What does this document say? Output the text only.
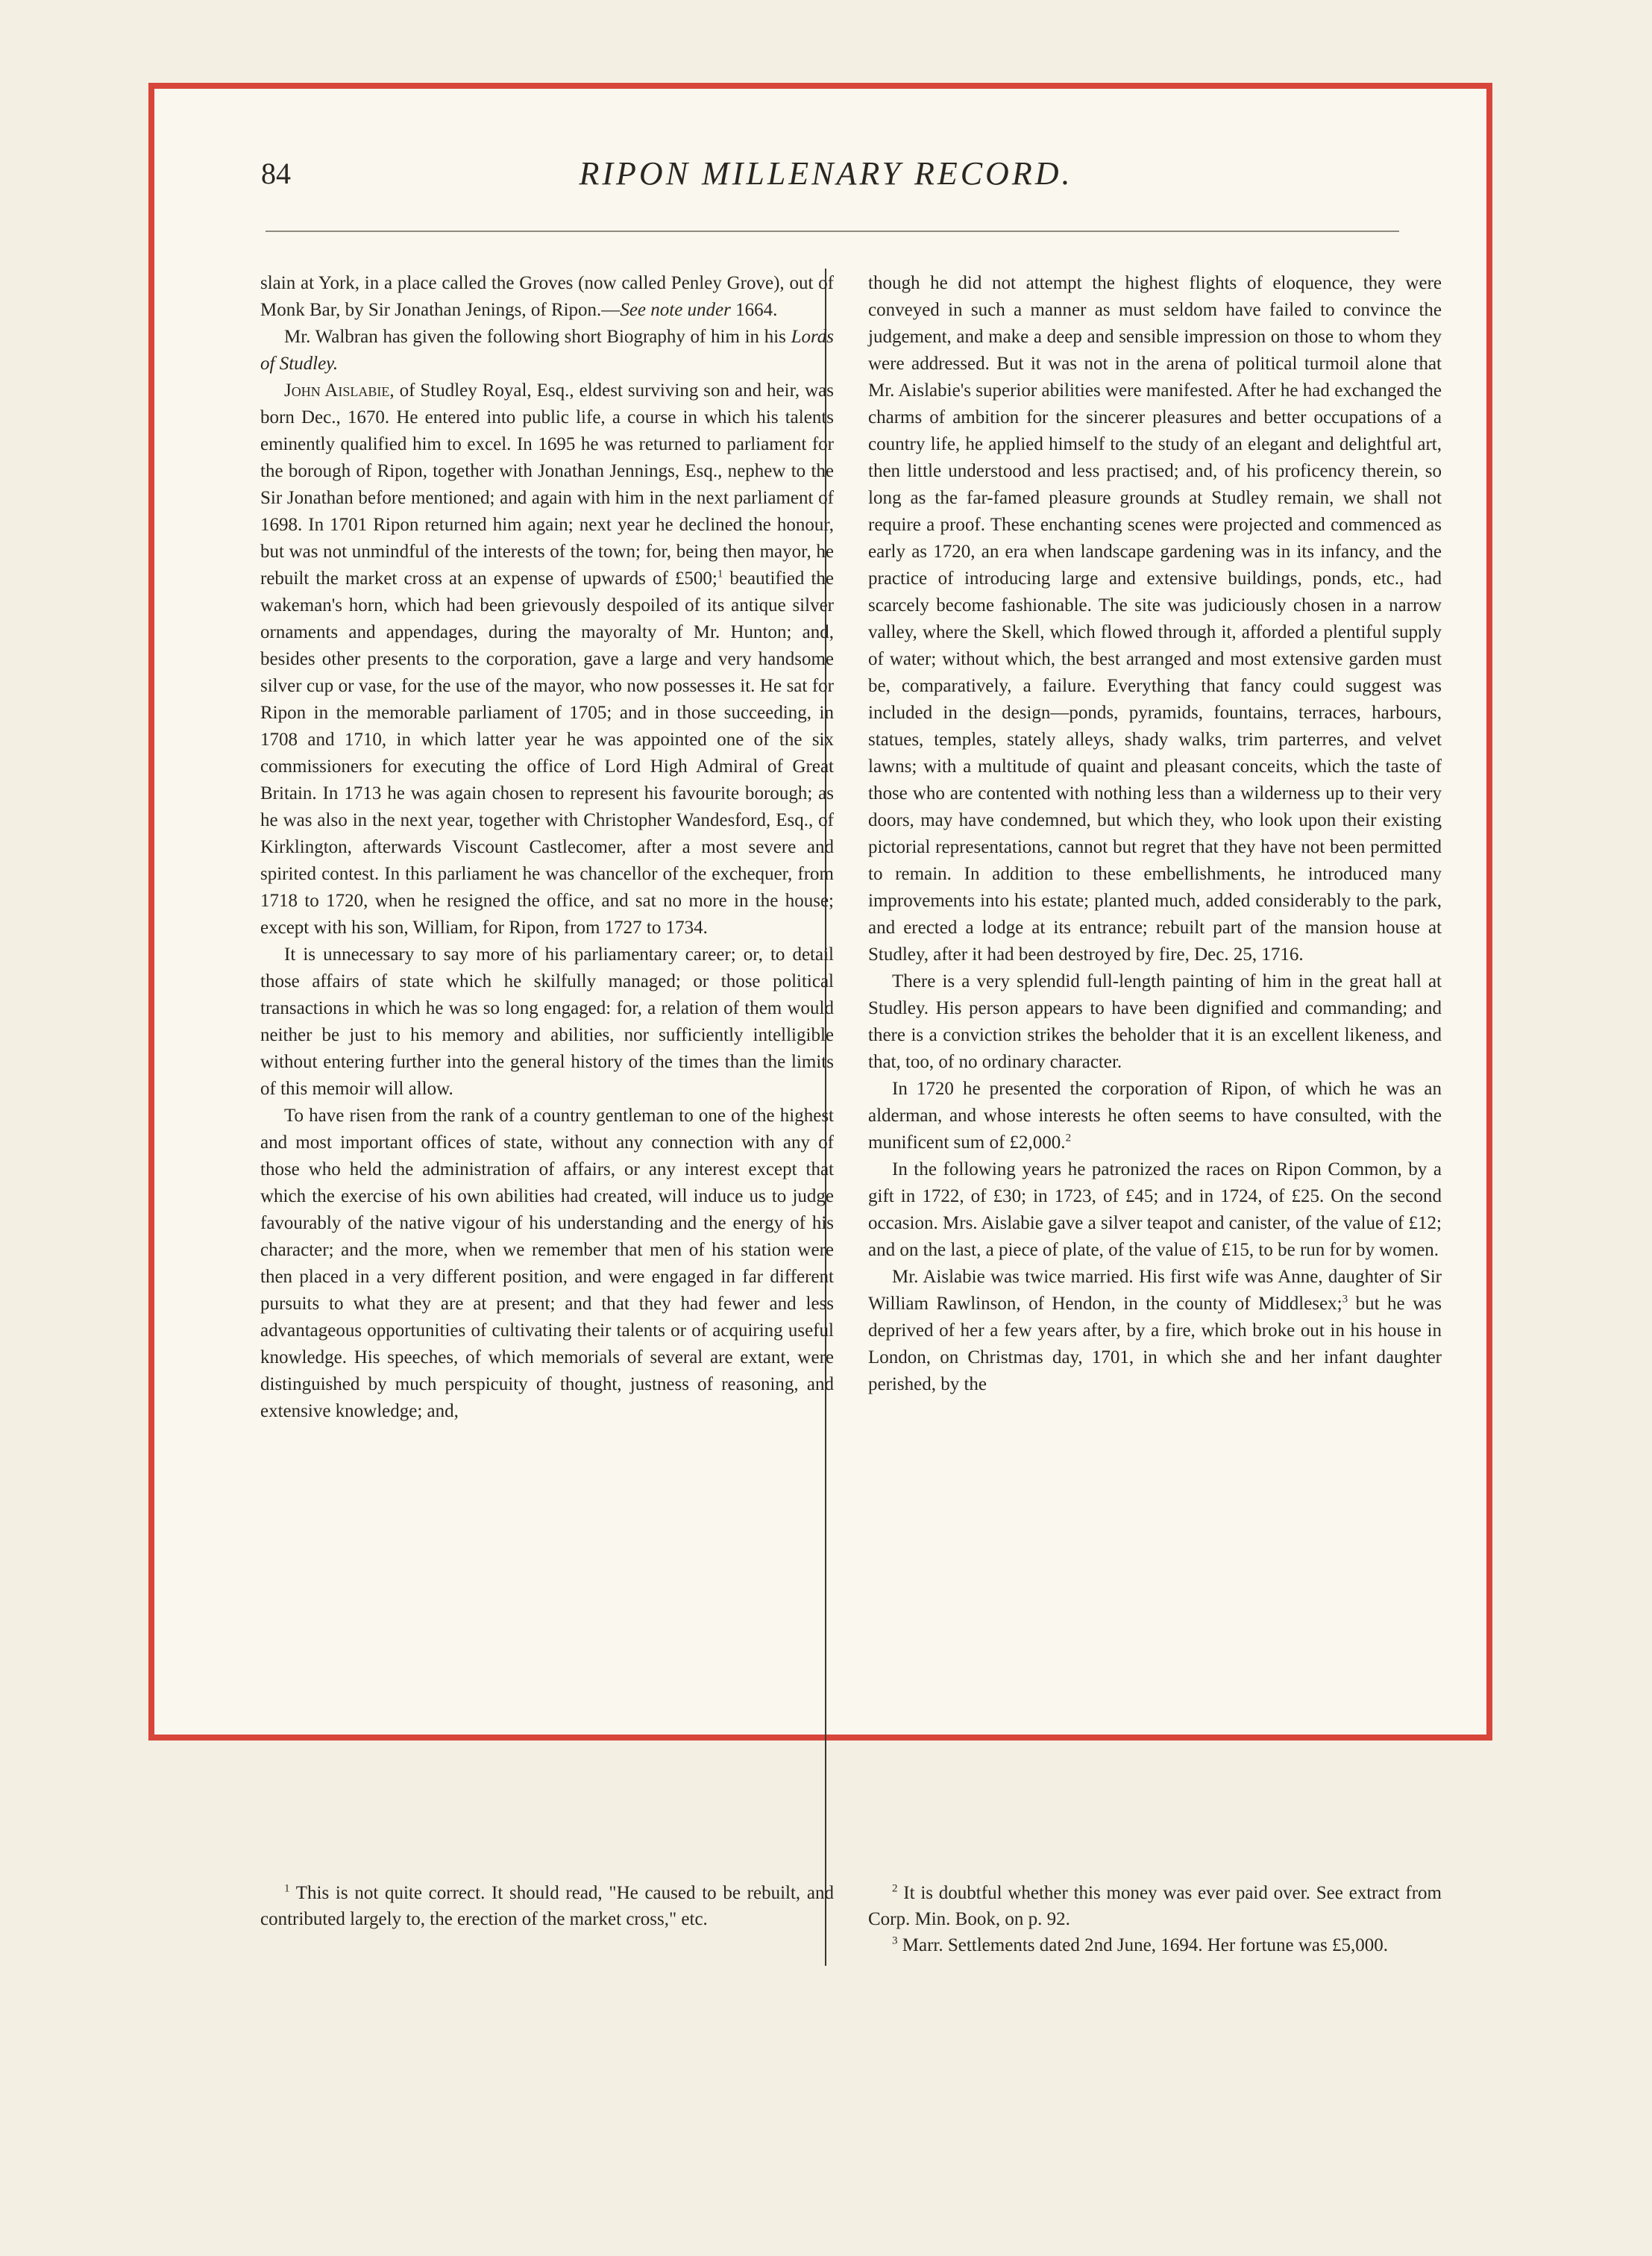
84	RIPON MILLENARY RECORD.

slain at York, in a place called the Groves (now called Penley Grove), out of Monk Bar, by Sir Jonathan Jenings, of Ripon.—See note under 1664.

Mr. Walbran has given the following short Biography of him in his Lords of Studley.

John Aislabie, of Studley Royal, Esq., eldest surviving son and heir, was born Dec., 1670. He entered into public life, a course in which his talents eminently qualified him to excel. In 1695 he was returned to parliament for the borough of Ripon, together with Jonathan Jennings, Esq., nephew to the Sir Jonathan before mentioned; and again with him in the next parliament of 1698. In 1701 Ripon returned him again; next year he declined the honour, but was not unmindful of the interests of the town; for, being then mayor, he rebuilt the market cross at an expense of upwards of £500;$^1$ beautified the wakeman's horn, which had been grievously despoiled of its antique silver ornaments and appendages, during the mayoralty of Mr. Hunton; and, besides other presents to the corporation, gave a large and very handsome silver cup or vase, for the use of the mayor, who now possesses it. He sat for Ripon in the memorable parliament of 1705; and in those succeeding, in 1708 and 1710, in which latter year he was appointed one of the six commissioners for executing the office of Lord High Admiral of Great Britain. In 1713 he was again chosen to represent his favourite borough; as he was also in the next year, together with Christopher Wandesford, Esq., of Kirklington, afterwards Viscount Castlecomer, after a most severe and spirited contest. In this parliament he was chancellor of the exchequer, from 1718 to 1720, when he resigned the office, and sat no more in the house; except with his son, William, for Ripon, from 1727 to 1734.

It is unnecessary to say more of his parliamentary career; or, to detail those affairs of state which he skilfully managed; or those political transactions in which he was so long engaged: for, a relation of them would neither be just to his memory and abilities, nor sufficiently intelligible without entering further into the general history of the times than the limits of this memoir will allow.

To have risen from the rank of a country gentleman to one of the highest and most important offices of state, without any connection with any of those who held the administration of affairs, or any interest except that which the exercise of his own abilities had created, will induce us to judge favourably of the native vigour of his understanding and the energy of his character; and the more, when we remember that men of his station were then placed in a very different position, and were engaged in far different pursuits to what they are at present; and that they had fewer and less advantageous opportunities of cultivating their talents or of acquiring useful knowledge. His speeches, of which memorials of several are extant, were distinguished by much perspicuity of thought, justness of reasoning, and extensive knowledge; and,

though he did not attempt the highest flights of eloquence, they were conveyed in such a manner as must seldom have failed to convince the judgement, and make a deep and sensible impression on those to whom they were addressed. But it was not in the arena of political turmoil alone that Mr. Aislabie's superior abilities were manifested. After he had exchanged the charms of ambition for the sincerer pleasures and better occupations of a country life, he applied himself to the study of an elegant and delightful art, then little understood and less practised; and, of his proficency therein, so long as the far-famed pleasure grounds at Studley remain, we shall not require a proof. These enchanting scenes were projected and commenced as early as 1720, an era when landscape gardening was in its infancy, and the practice of introducing large and extensive buildings, ponds, etc., had scarcely become fashionable. The site was judiciously chosen in a narrow valley, where the Skell, which flowed through it, afforded a plentiful supply of water; without which, the best arranged and most extensive garden must be, comparatively, a failure. Everything that fancy could suggest was included in the design—ponds, pyramids, fountains, terraces, harbours, statues, temples, stately alleys, shady walks, trim parterres, and velvet lawns; with a multitude of quaint and pleasant conceits, which the taste of those who are contented with nothing less than a wilderness up to their very doors, may have condemned, but which they, who look upon their existing pictorial representations, cannot but regret that they have not been permitted to remain. In addition to these embellishments, he introduced many improvements into his estate; planted much, added considerably to the park, and erected a lodge at its entrance; rebuilt part of the mansion house at Studley, after it had been destroyed by fire, Dec. 25, 1716.

There is a very splendid full-length painting of him in the great hall at Studley. His person appears to have been dignified and commanding; and there is a conviction strikes the beholder that it is an excellent likeness, and that, too, of no ordinary character.

In 1720 he presented the corporation of Ripon, of which he was an alderman, and whose interests he often seems to have consulted, with the munificent sum of £2,000.$^2$

In the following years he patronized the races on Ripon Common, by a gift in 1722, of £30; in 1723, of £45; and in 1724, of £25. On the second occasion. Mrs. Aislabie gave a silver teapot and canister, of the value of £12; and on the last, a piece of plate, of the value of £15, to be run for by women.

Mr. Aislabie was twice married. His first wife was Anne, daughter of Sir William Rawlinson, of Hendon, in the county of Middlesex;$^3$ but he was deprived of her a few years after, by a fire, which broke out in his house in London, on Christmas day, 1701, in which she and her infant daughter perished, by the

$^1$ This is not quite correct. It should read, "He caused to be rebuilt, and contributed largely to, the erection of the market cross," etc.

$^2$ It is doubtful whether this money was ever paid over. See extract from Corp. Min. Book, on p. 92.

$^3$ Marr. Settlements dated 2nd June, 1694. Her fortune was £5,000.
